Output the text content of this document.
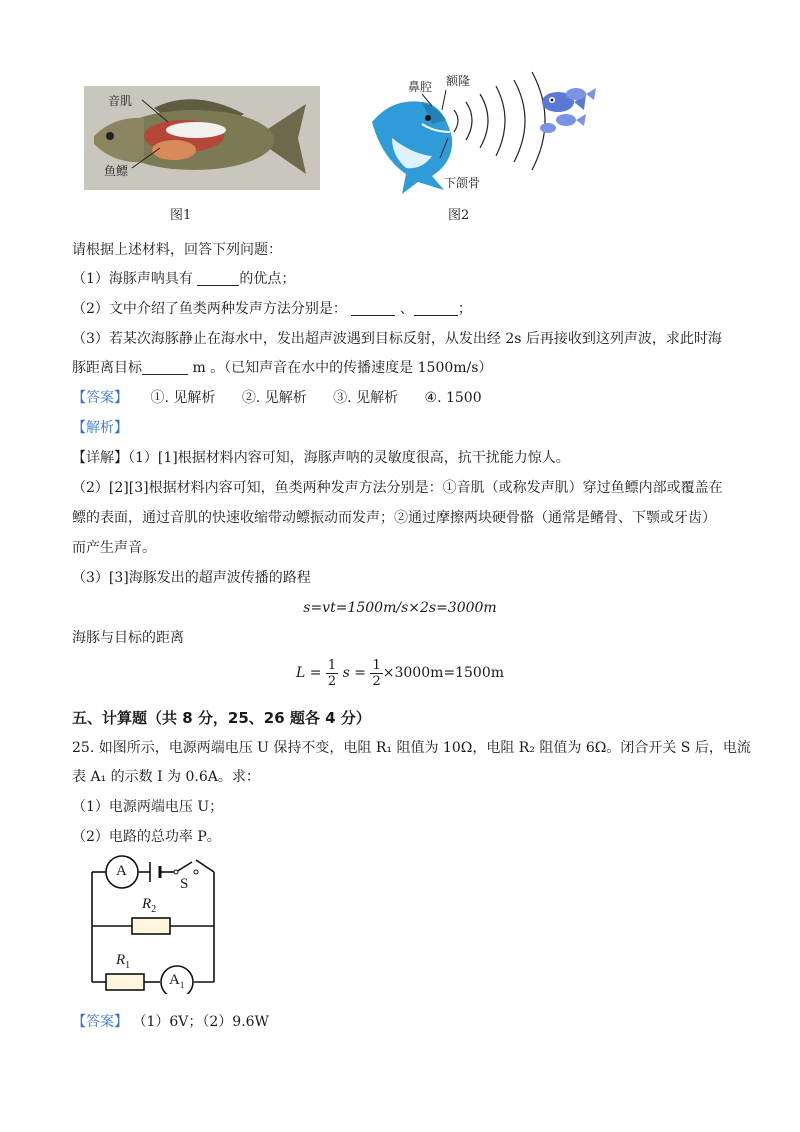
音肌
鱼鳔
图1
鼻腔 额隆
下颌骨
图2
请根据上述材料，回答下列问题：
（1）海豚声呐具有	的优点；
（2）文中介绍了鱼类两种发声方法分别是：	、	；
（3）若某次海豚静止在海水中，发出超声波遇到目标反射，从发出经 2s 后再接收到这列声波，求此时海
豚距离目标	m 。（已知声音在水中的传播速度是 1500m/s）
【答案】 ①. 见解析 ②. 见解析 ③. 见解析 ④. 1500
【解析】
【详解】（1）[1]根据材料内容可知，海豚声呐的灵敏度很高，抗干扰能力惊人。
（2）[2][3]根据材料内容可知，鱼类两种发声方法分别是：①音肌（或称发声肌）穿过鱼鳔内部或覆盖在
鳔的表面，通过音肌的快速收缩带动鳔振动而发声；②通过摩擦两块硬骨骼（通常是鳍骨、下颚或牙齿）
而产生声音。
（3）[3]海豚发出的超声波传播的路程
s=vt=1500m/s×2s=3000m
海豚与目标的距离
$L = \frac{1}{2}$ $s = \frac{1}{2} \times 3000m=1500m$
五、计算题（共 8 分，25、26 题各 4 分）
25. 如图所示，电源两端电压 U 保持不变，电阻 R₁ 阻值为 10Ω，电阻 R₂ 阻值为 6Ω。闭合开关 S 后，电流
表 A₁ 的示数 I 为 0.6A。求：
（1）电源两端电压 U；
（2）电路的总功率 P。
A
S
$R_2$
$R_1$
$A_1$
【答案】 （1）6V；（2）9.6W
